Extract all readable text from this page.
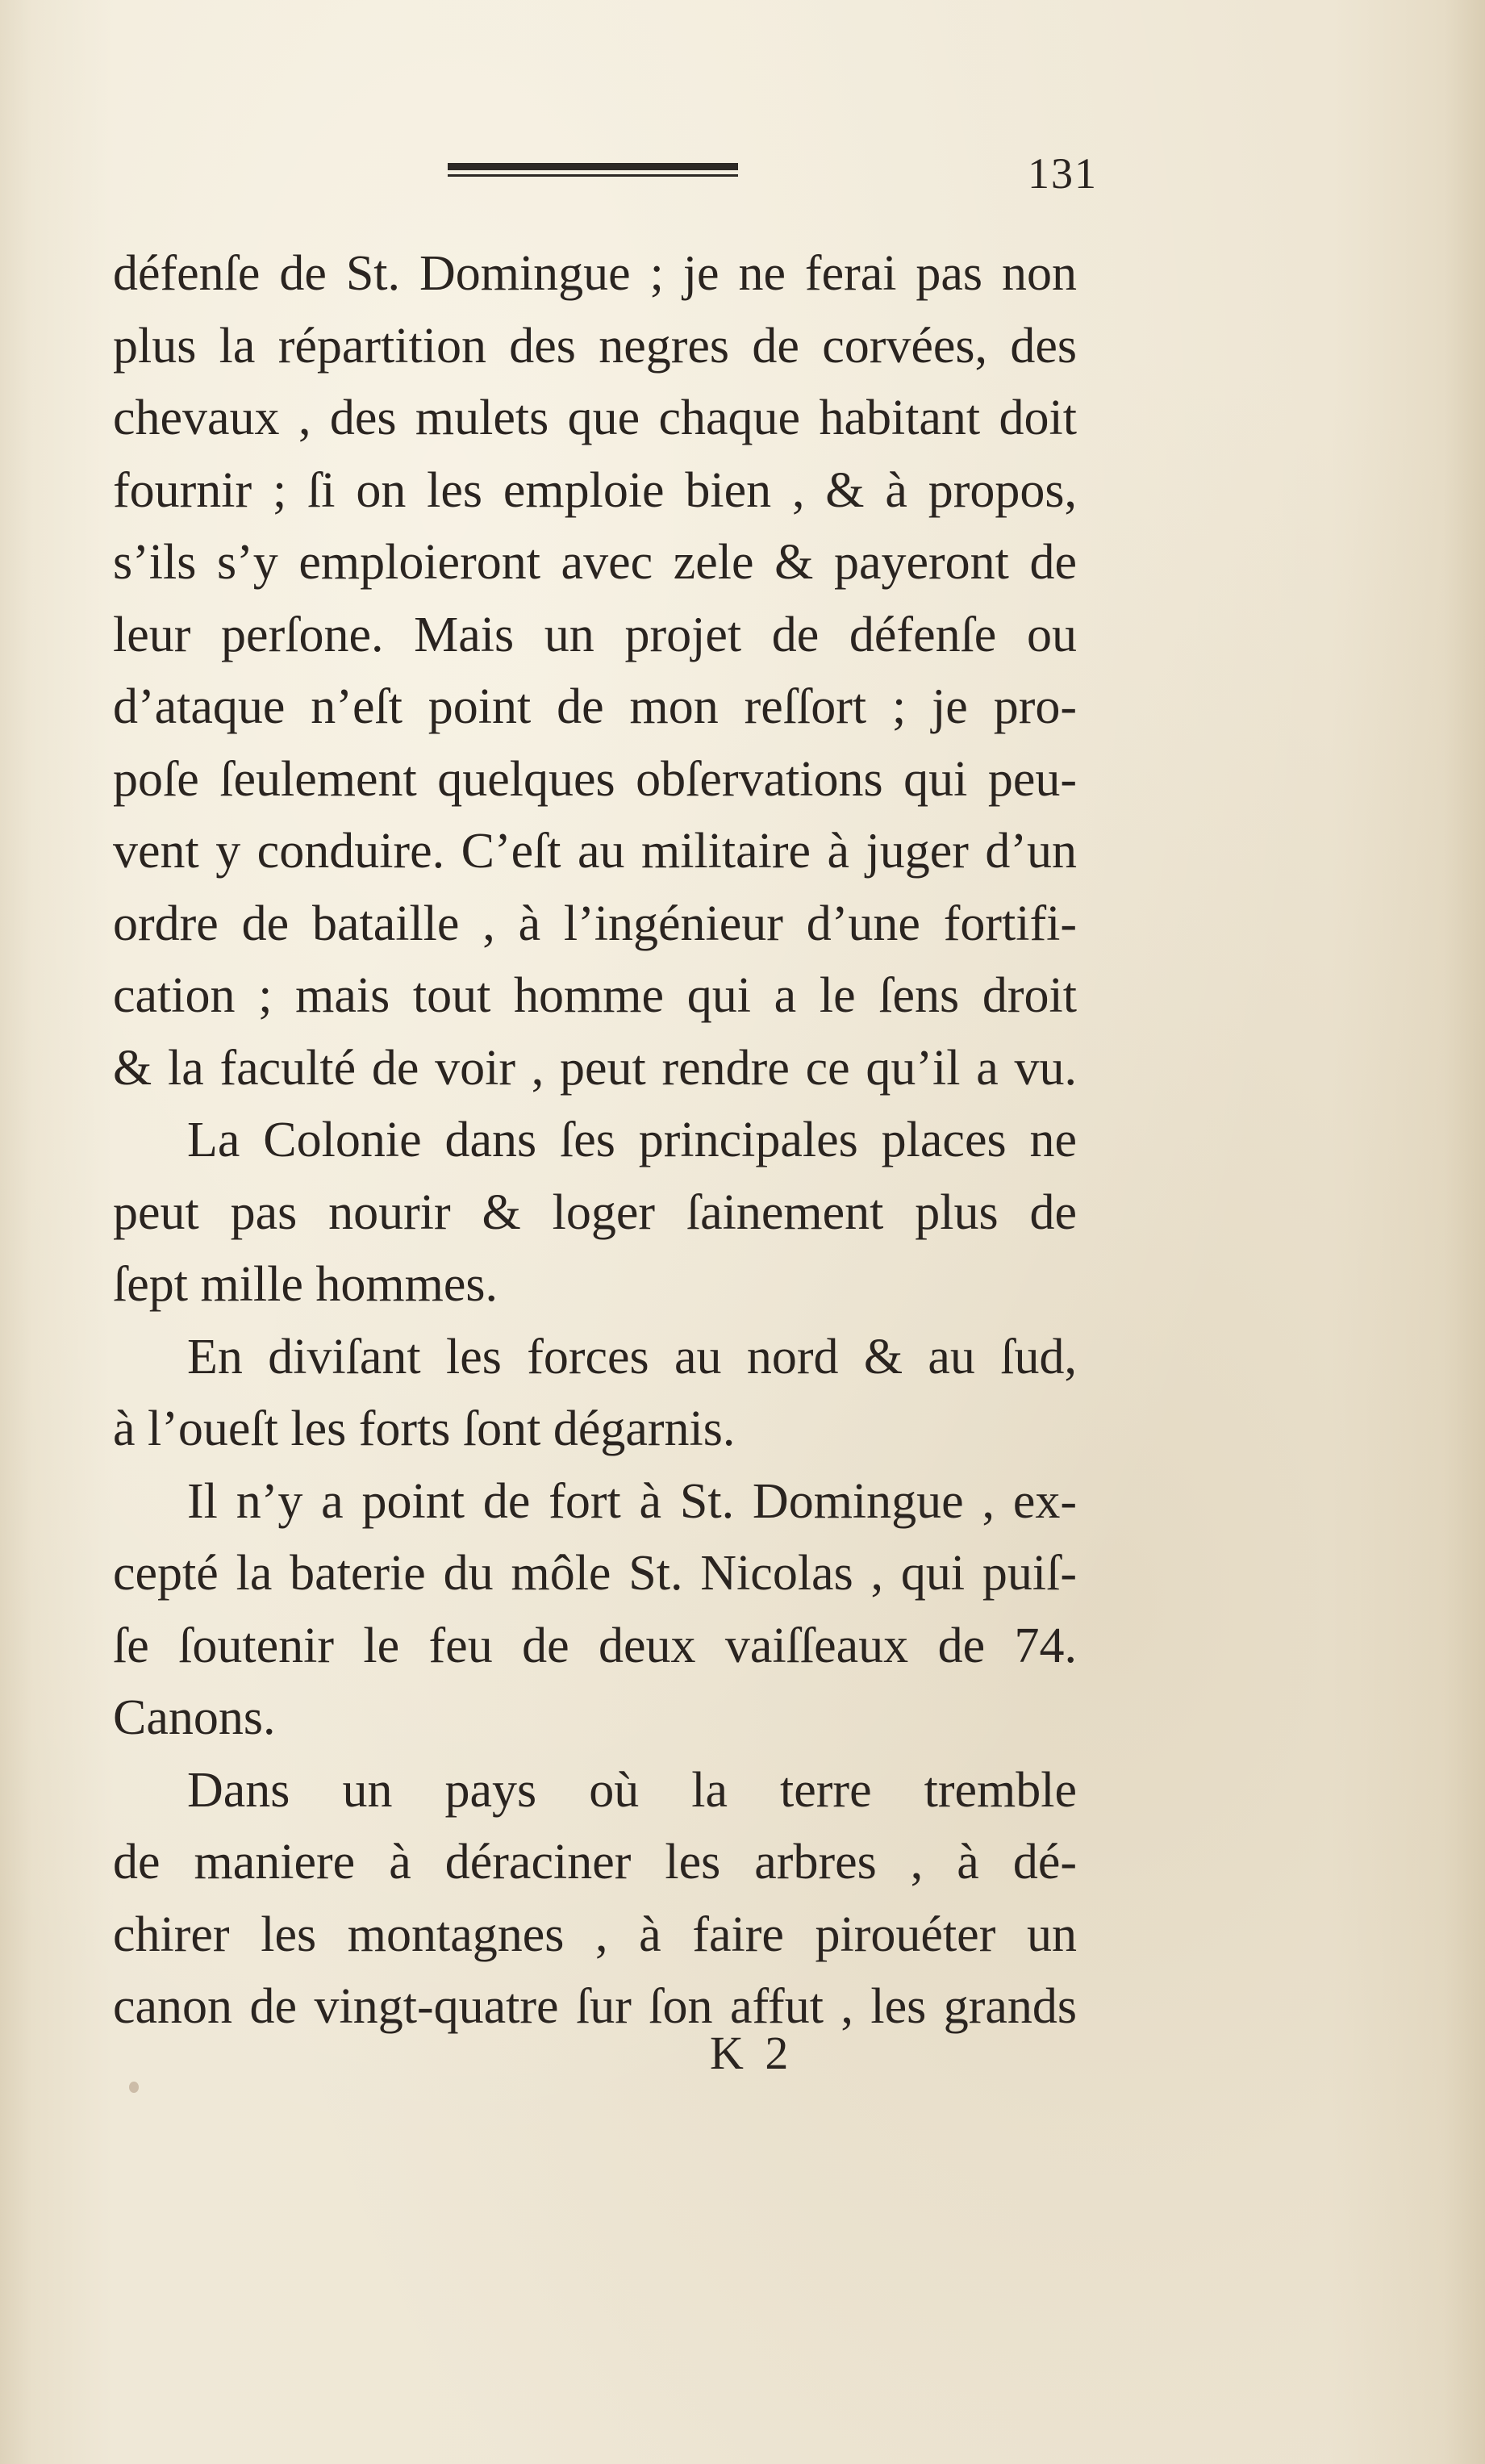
131
défenſe de St. Domingue ; je ne ferai pas non
plus la répartition des negres de corvées, des
chevaux , des mulets que chaque habitant doit
fournir ; ſi on les emploie bien , & à propos,
s’ils s’y emploieront avec zele & payeront de
leur perſone. Mais un projet de défenſe ou
d’ataque n’eſt point de mon reſſort ; je pro-
poſe ſeulement quelques obſervations qui peu-
vent y conduire. C’eſt au militaire à juger d’un
ordre de bataille , à l’ingénieur d’une fortifi-
cation ; mais tout homme qui a le ſens droit
& la faculté de voir , peut rendre ce qu’il a vu.
La Colonie dans ſes principales places ne
peut pas nourir & loger ſainement plus de
ſept mille hommes.
En diviſant les forces au nord & au ſud,
à l’oueſt les forts ſont dégarnis.
Il n’y a point de fort à St. Domingue , ex-
cepté la baterie du môle St. Nicolas , qui puiſ-
ſe ſoutenir le feu de deux vaiſſeaux de 74.
Canons.
Dans un pays où la terre tremble
de maniere à déraciner les arbres , à dé-
chirer les montagnes , à faire pirouéter un
canon de vingt-quatre ſur ſon affut , les grands
K 2
